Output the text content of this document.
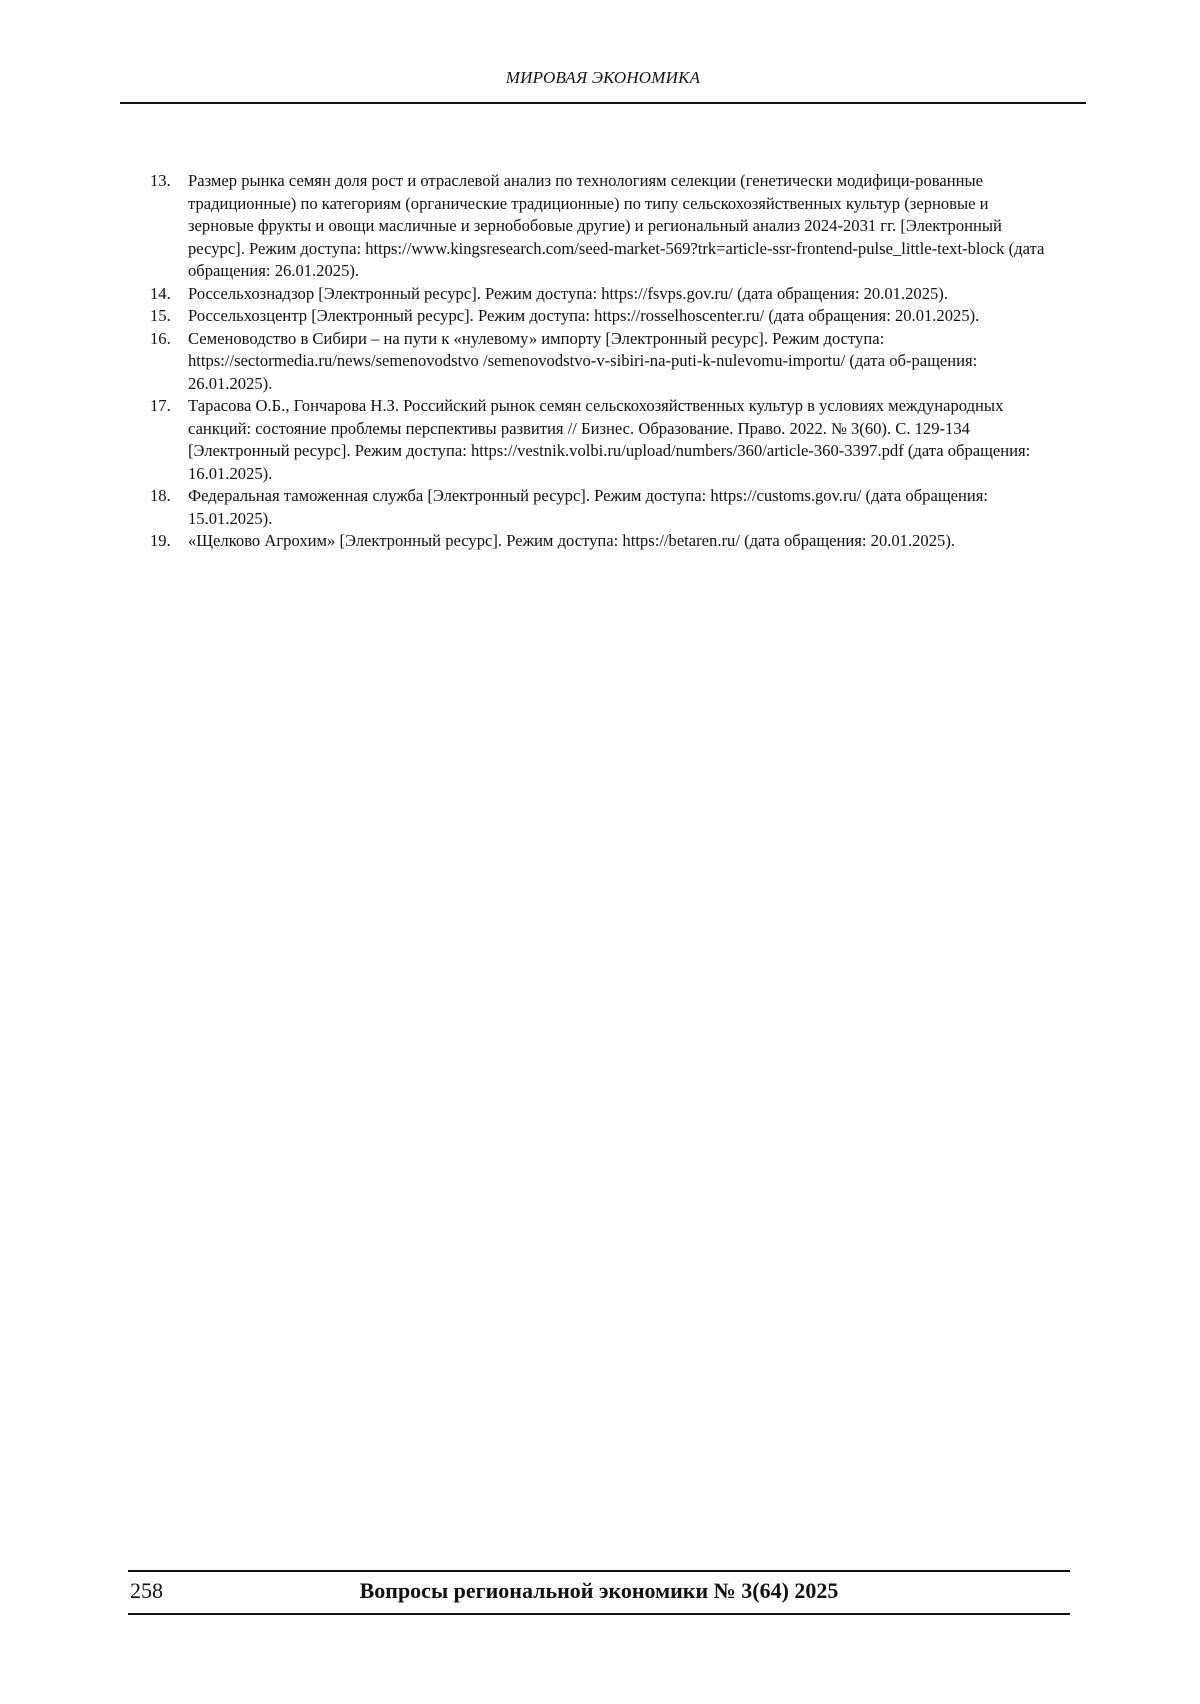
МИРОВАЯ ЭКОНОМИКА
13. Размер рынка семян доля рост и отраслевой анализ по технологиям селекции (генетически модифици-рованные традиционные) по категориям (органические традиционные) по типу сельскохозяйственных культур (зерновые и зерновые фрукты и овощи масличные и зернобобовые другие) и региональный анализ 2024-2031 гг. [Электронный ресурс]. Режим доступа: https://www.kingsresearch.com/seed-market-569?trk=article-ssr-frontend-pulse_little-text-block (дата обращения: 26.01.2025).
14. Россельхознадзор [Электронный ресурс]. Режим доступа: https://fsvps.gov.ru/ (дата обращения: 20.01.2025).
15. Россельхозцентр [Электронный ресурс]. Режим доступа: https://rosselhoscenter.ru/ (дата обращения: 20.01.2025).
16. Семеноводство в Сибири – на пути к «нулевому» импорту [Электронный ресурс]. Режим доступа: https://sectormedia.ru/news/semenovodstvo /semenovodstvo-v-sibiri-na-puti-k-nulevomu-importu/ (дата об-ращения: 26.01.2025).
17. Тарасова О.Б., Гончарова Н.З. Российский рынок семян сельскохозяйственных культур в условиях международных санкций: состояние проблемы перспективы развития // Бизнес. Образование. Право. 2022. № 3(60). С. 129-134 [Электронный ресурс]. Режим доступа: https://vestnik.volbi.ru/upload/numbers/360/article-360-3397.pdf (дата обращения: 16.01.2025).
18. Федеральная таможенная служба [Электронный ресурс]. Режим доступа: https://customs.gov.ru/ (дата обращения: 15.01.2025).
19. «Щелково Агрохим» [Электронный ресурс]. Режим доступа: https://betaren.ru/ (дата обращения: 20.01.2025).
258	Вопросы региональной экономики № 3(64) 2025
